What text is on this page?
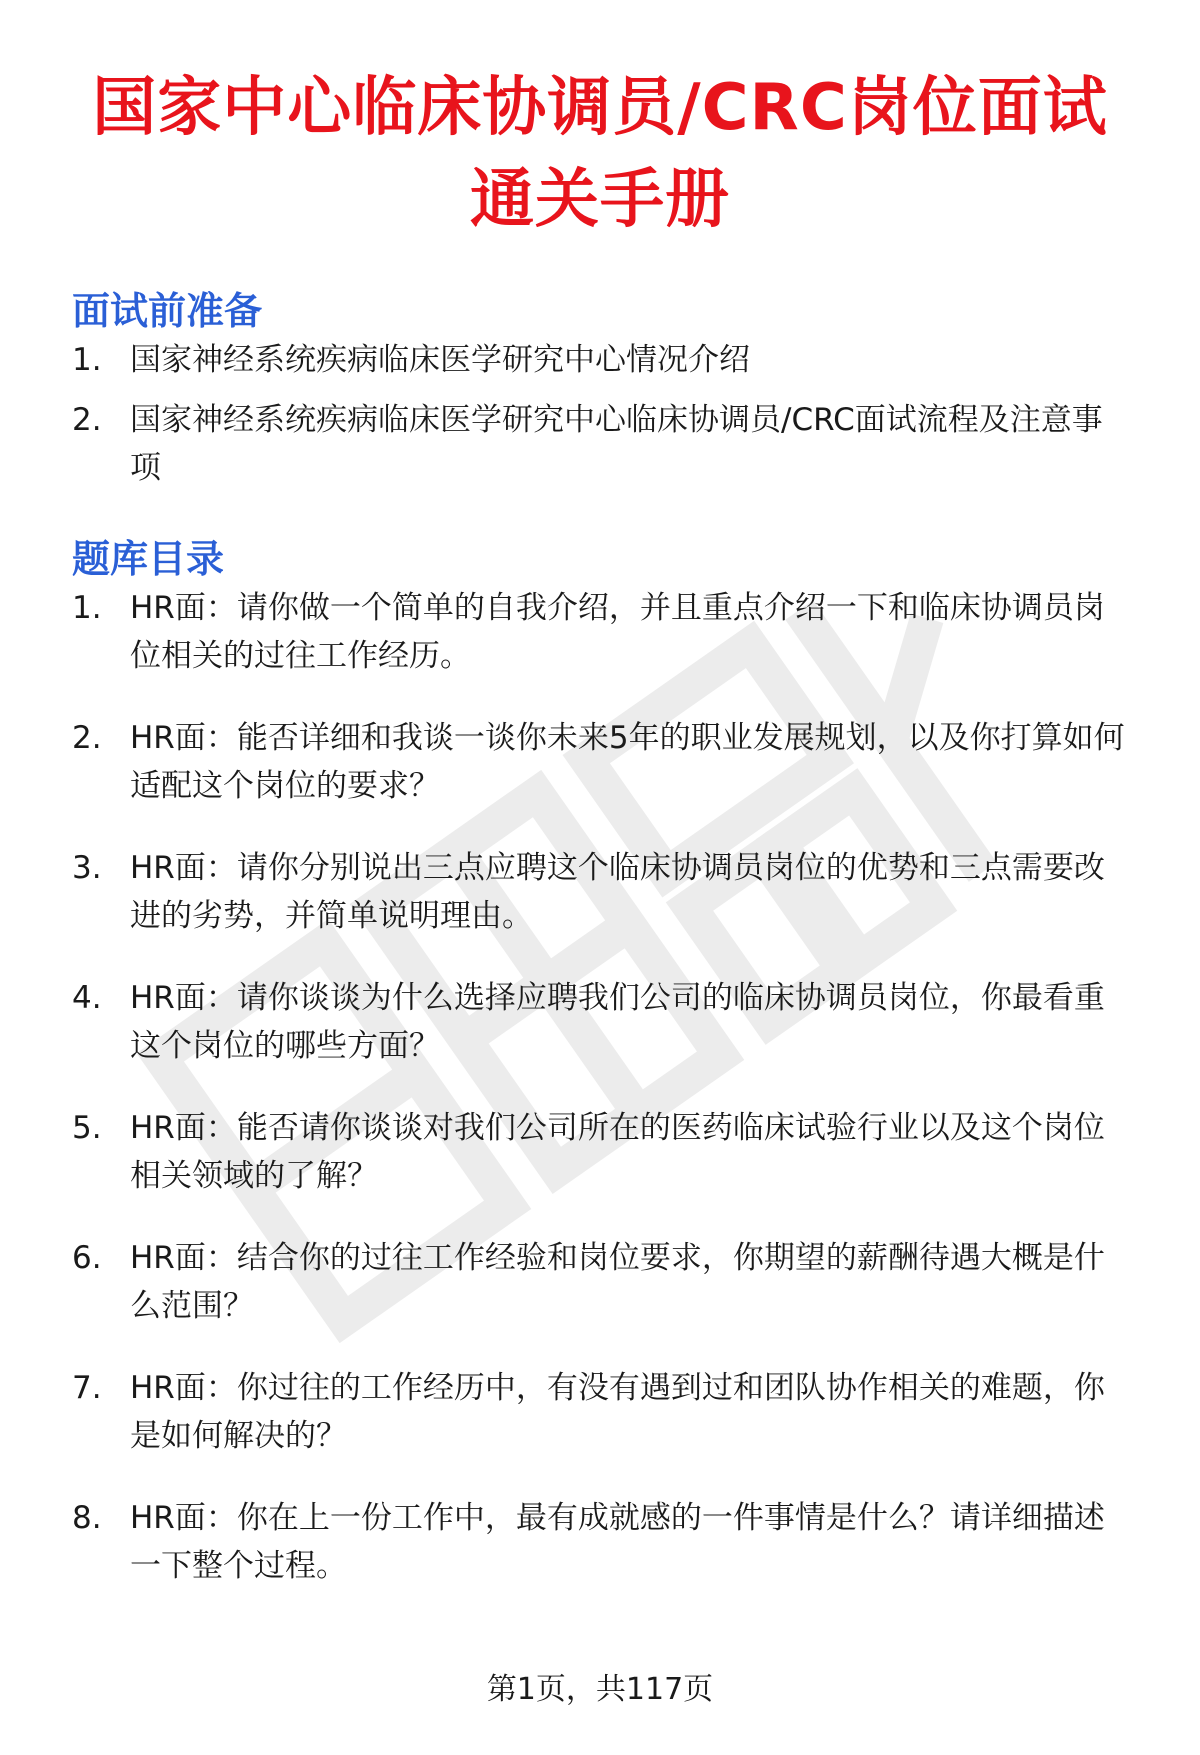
国家中心临床协调员/CRC岗位面试
通关手册
面试前准备
1. 国家神经系统疾病临床医学研究中心情况介绍
2. 国家神经系统疾病临床医学研究中心临床协调员/CRC面试流程及注意事项
题库目录
1. HR面：请你做一个简单的自我介绍，并且重点介绍一下和临床协调员岗位相关的过往工作经历。
2. HR面：能否详细和我谈一谈你未来5年的职业发展规划，以及你打算如何适配这个岗位的要求？
3. HR面：请你分别说出三点应聘这个临床协调员岗位的优势和三点需要改进的劣势，并简单说明理由。
4. HR面：请你谈谈为什么选择应聘我们公司的临床协调员岗位，你最看重这个岗位的哪些方面？
5. HR面：能否请你谈谈对我们公司所在的医药临床试验行业以及这个岗位相关领域的了解？
6. HR面：结合你的过往工作经验和岗位要求，你期望的薪酬待遇大概是什么范围？
7. HR面：你过往的工作经历中，有没有遇到过和团队协作相关的难题，你是如何解决的？
8. HR面：你在上一份工作中，最有成就感的一件事情是什么？请详细描述一下整个过程。
第1页，共117页
